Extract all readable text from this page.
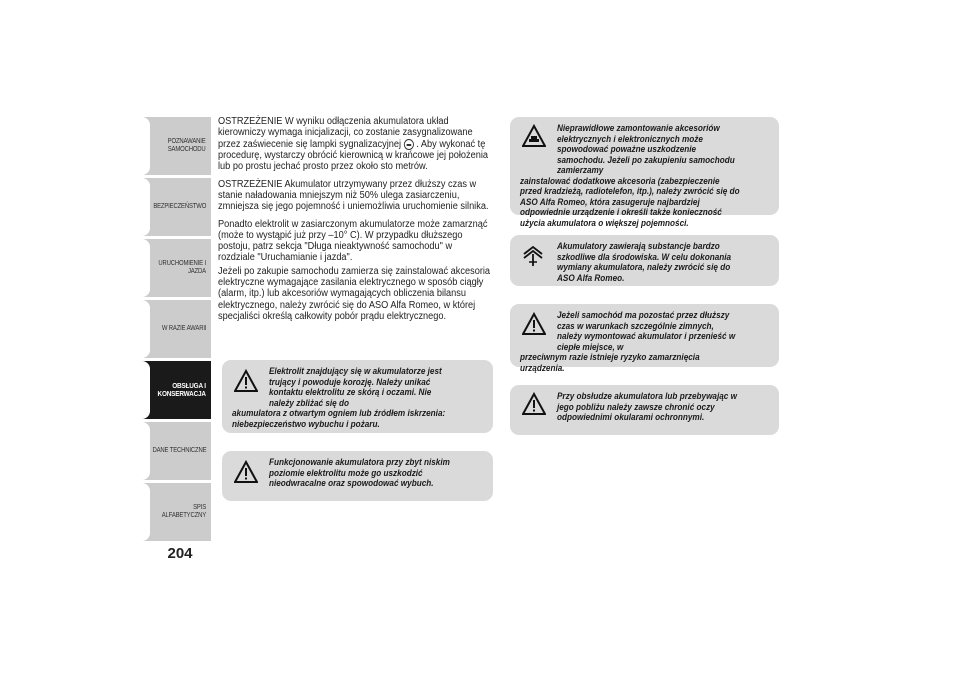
POZNAWANIE
SAMOCHODU
BEZPIECZEŃSTWO
URUCHOMIENIE I
JAZDA
W RAZIE AWARII
OBSŁUGA I
KONSERWACJA
DANE TECHNICZNE
SPIS ALFABETYCZNY
204

OSTRZEŻENIE W wyniku odłączenia akumulatora układ kierowniczy wymaga inicjalizacji, co zostanie zasygnalizowane przez zaświecenie się lampki sygnalizacyjnej . Aby wykonać tę procedurę, wystarczy obrócić kierownicą w krańcowe jej położenia lub po prostu jechać prosto przez około sto metrów.

OSTRZEŻENIE Akumulator utrzymywany przez dłuższy czas w stanie naładowania mniejszym niż 50% ulega zasiarczeniu, zmniejsza się jego pojemność i uniemożliwia uruchomienie silnika.

Ponadto elektrolit w zasiarczonym akumulatorze może zamarznąć (może to wystąpić już przy –10° C). W przypadku dłuższego postoju, patrz sekcja "Długa nieaktywność samochodu" w rozdziale "Uruchamianie i jazda".

Jeżeli po zakupie samochodu zamierza się zainstalować akcesoria elektryczne wymagające zasilania elektrycznego w sposób ciągły (alarm, itp.) lub akcesoriów wymagających obliczenia bilansu elektrycznego, należy zwrócić się do ASO Alfa Romeo, w której specjaliści określą całkowity pobór prądu elektrycznego.

Elektrolit znajdujący się w akumulatorze jest trujący i powoduje korozję. Należy unikać kontaktu elektrolitu ze skórą i oczami. Nie należy zbliżać się do
akumulatora z otwartym ogniem lub źródłem iskrzenia: niebezpieczeństwo wybuchu i pożaru.
Funkcjonowanie akumulatora przy zbyt niskim poziomie elektrolitu może go uszkodzić nieodwracalne oraz spowodować wybuch.
Nieprawidłowe zamontowanie akcesoriów elektrycznych i elektronicznych może spowodować poważne uszkodzenie samochodu. Jeżeli po zakupieniu samochodu zamierzamy
zainstalować dodatkowe akcesoria (zabezpieczenie przed kradzieżą, radiotelefon, itp.), należy zwrócić się do ASO Alfa Romeo, która zasugeruje najbardziej odpowiednie urządzenie i określi także konieczność użycia akumulatora o większej pojemności.
Akumulatory zawierają substancje bardzo szkodliwe dla środowiska. W celu dokonania wymiany akumulatora, należy zwrócić się do ASO Alfa Romeo.
Jeżeli samochód ma pozostać przez dłuższy czas w warunkach szczególnie zimnych, należy wymontować akumulator i przenieść w ciepłe miejsce, w
przeciwnym razie istnieje ryzyko zamarznięcia urządzenia.
Przy obsłudze akumulatora lub przebywając w jego pobliżu należy zawsze chronić oczy odpowiednimi okularami ochronnymi.
